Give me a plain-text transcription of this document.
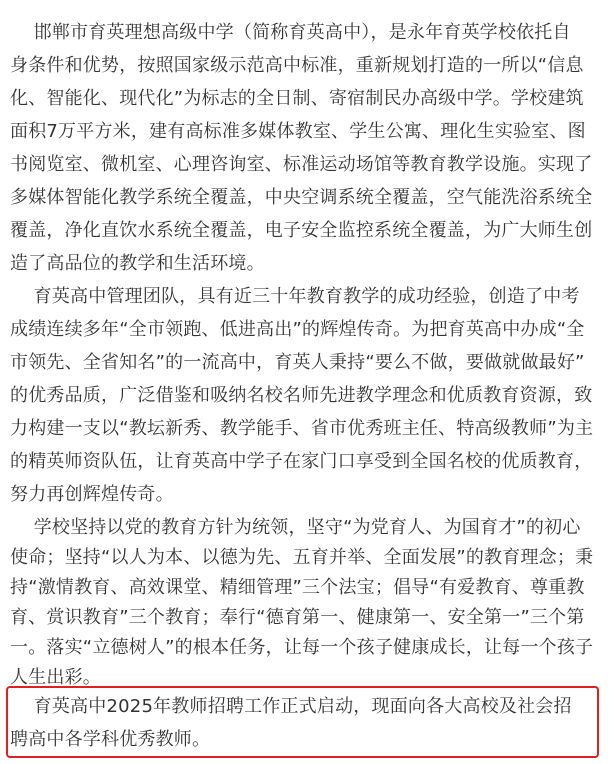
邯郸市育英理想高级中学（简称育英高中），是永年育英学校依托自
身条件和优势，按照国家级示范高中标准，重新规划打造的一所以“信息
化、智能化、现代化”为标志的全日制、寄宿制民办高级中学。学校建筑
面积7万平方米，建有高标准多媒体教室、学生公寓、理化生实验室、图
书阅览室、微机室、心理咨询室、标准运动场馆等教育教学设施。实现了
多媒体智能化教学系统全覆盖，中央空调系统全覆盖，空气能洗浴系统全
覆盖，净化直饮水系统全覆盖，电子安全监控系统全覆盖，为广大师生创
造了高品位的教学和生活环境。
育英高中管理团队，具有近三十年教育教学的成功经验，创造了中考
成绩连续多年“全市领跑、低进高出”的辉煌传奇。为把育英高中办成“全
市领先、全省知名”的一流高中，育英人秉持“要么不做，要做就做最好”
的优秀品质，广泛借鉴和吸纳名校名师先进教学理念和优质教育资源，致
力构建一支以“教坛新秀、教学能手、省市优秀班主任、特高级教师”为主
的精英师资队伍，让育英高中学子在家门口享受到全国名校的优质教育，
努力再创辉煌传奇。
学校坚持以党的教育方针为统领，坚守“为党育人、为国育才”的初心
使命；坚持“以人为本、以德为先、五育并举、全面发展”的教育理念；秉
持“激情教育、高效课堂、精细管理”三个法宝；倡导“有爱教育、尊重教
育、赏识教育”三个教育；奉行“德育第一、健康第一、安全第一”三个第
一。落实“立德树人”的根本任务，让每一个孩子健康成长，让每一个孩子
人生出彩。
育英高中2025年教师招聘工作正式启动，现面向各大高校及社会招
聘高中各学科优秀教师。
